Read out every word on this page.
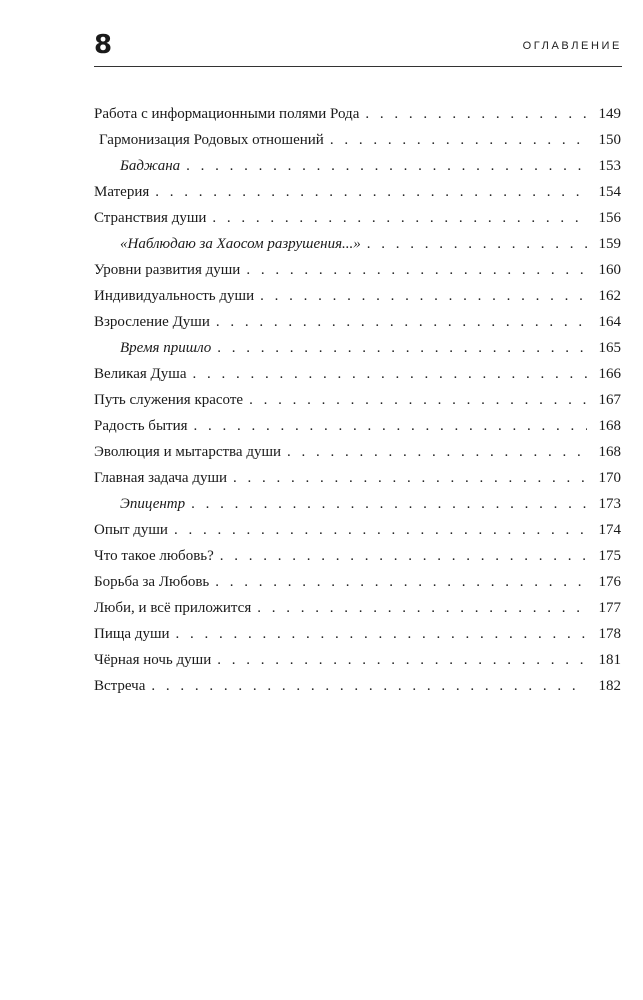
8	ОГЛАВЛЕНИЕ
Работа с информационными полями Рода . . .	149
Гармонизация Родовых отношений . . .	150
Баджана . . .	153
Материя . . .	154
Странствия души . . .	156
«Наблюдаю за Хаосом разрушения...» . . .	159
Уровни развития души . . .	160
Индивидуальность души . . .	162
Взросление Души . . .	164
Время пришло . . .	165
Великая Душа . . .	166
Путь служения красоте . . .	167
Радость бытия . . .	168
Эволюция и мытарства души . . .	168
Главная задача души . . .	170
Эпицентр . . .	173
Опыт души . . .	174
Что такое любовь? . . .	175
Борьба за Любовь . . .	176
Люби, и всё приложится . . .	177
Пища души . . .	178
Чёрная ночь души . . .	181
Встреча . . .	182
